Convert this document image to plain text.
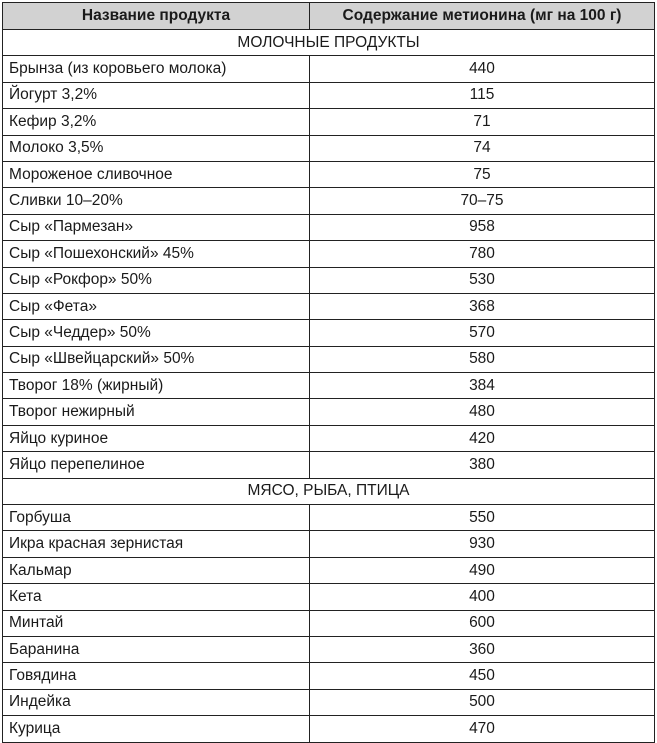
Название продукта	Содержание метионина (мг на 100 г)
МОЛОЧНЫЕ ПРОДУКТЫ	
Брынза (из коровьего молока)	440
Йогурт 3,2%	115
Кефир 3,2%	71
Молоко 3,5%	74
Мороженое сливочное	75
Сливки 10–20%	70–75
Сыр «Пармезан»	958
Сыр «Пошехонский» 45%	780
Сыр «Рокфор» 50%	530
Сыр «Фета»	368
Сыр «Чеддер» 50%	570
Сыр «Швейцарский» 50%	580
Творог 18% (жирный)	384
Творог нежирный	480
Яйцо куриное	420
Яйцо перепелиное	380
МЯСО, РЫБА, ПТИЦА	
Горбуша	550
Икра красная зернистая	930
Кальмар	490
Кета	400
Минтай	600
Баранина	360
Говядина	450
Индейка	500
Курица	470
